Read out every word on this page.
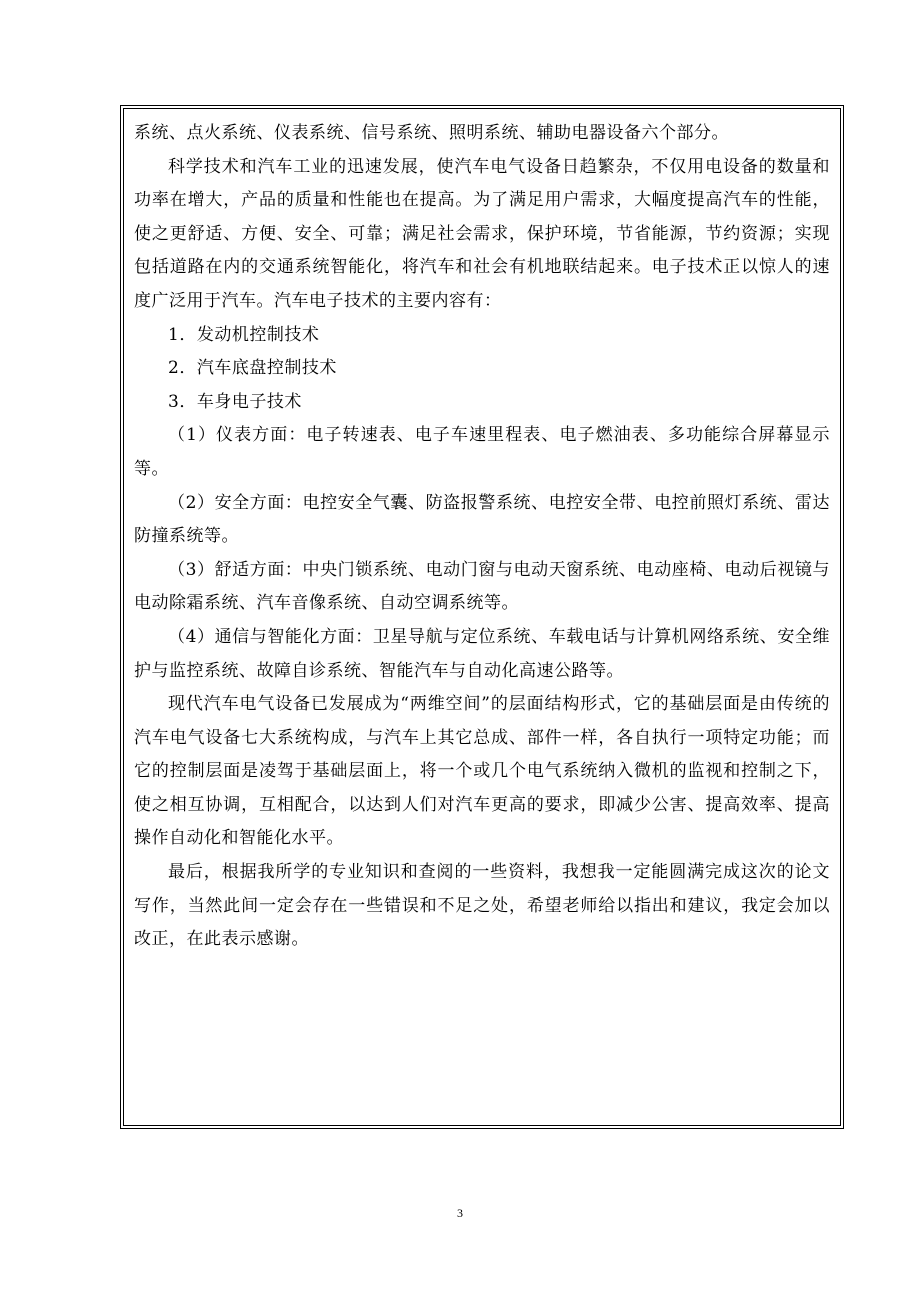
系统、点火系统、仪表系统、信号系统、照明系统、辅助电器设备六个部分。

科学技术和汽车工业的迅速发展，使汽车电气设备日趋繁杂，不仅用电设备的数量和功率在增大，产品的质量和性能也在提高。为了满足用户需求，大幅度提高汽车的性能，使之更舒适、方便、安全、可靠；满足社会需求，保护环境，节省能源，节约资源；实现包括道路在内的交通系统智能化，将汽车和社会有机地联结起来。电子技术正以惊人的速度广泛用于汽车。汽车电子技术的主要内容有：

1．发动机控制技术

2．汽车底盘控制技术

3．车身电子技术

（1）仪表方面：电子转速表、电子车速里程表、电子燃油表、多功能综合屏幕显示等。

（2）安全方面：电控安全气囊、防盗报警系统、电控安全带、电控前照灯系统、雷达防撞系统等。

（3）舒适方面：中央门锁系统、电动门窗与电动天窗系统、电动座椅、电动后视镜与电动除霜系统、汽车音像系统、自动空调系统等。

（4）通信与智能化方面：卫星导航与定位系统、车载电话与计算机网络系统、安全维护与监控系统、故障自诊系统、智能汽车与自动化高速公路等。

现代汽车电气设备已发展成为“两维空间”的层面结构形式，它的基础层面是由传统的汽车电气设备七大系统构成，与汽车上其它总成、部件一样，各自执行一项特定功能；而它的控制层面是凌驾于基础层面上，将一个或几个电气系统纳入微机的监视和控制之下，使之相互协调，互相配合，以达到人们对汽车更高的要求，即减少公害、提高效率、提高操作自动化和智能化水平。

最后，根据我所学的专业知识和查阅的一些资料，我想我一定能圆满完成这次的论文写作，当然此间一定会存在一些错误和不足之处，希望老师给以指出和建议，我定会加以改正，在此表示感谢。

3
